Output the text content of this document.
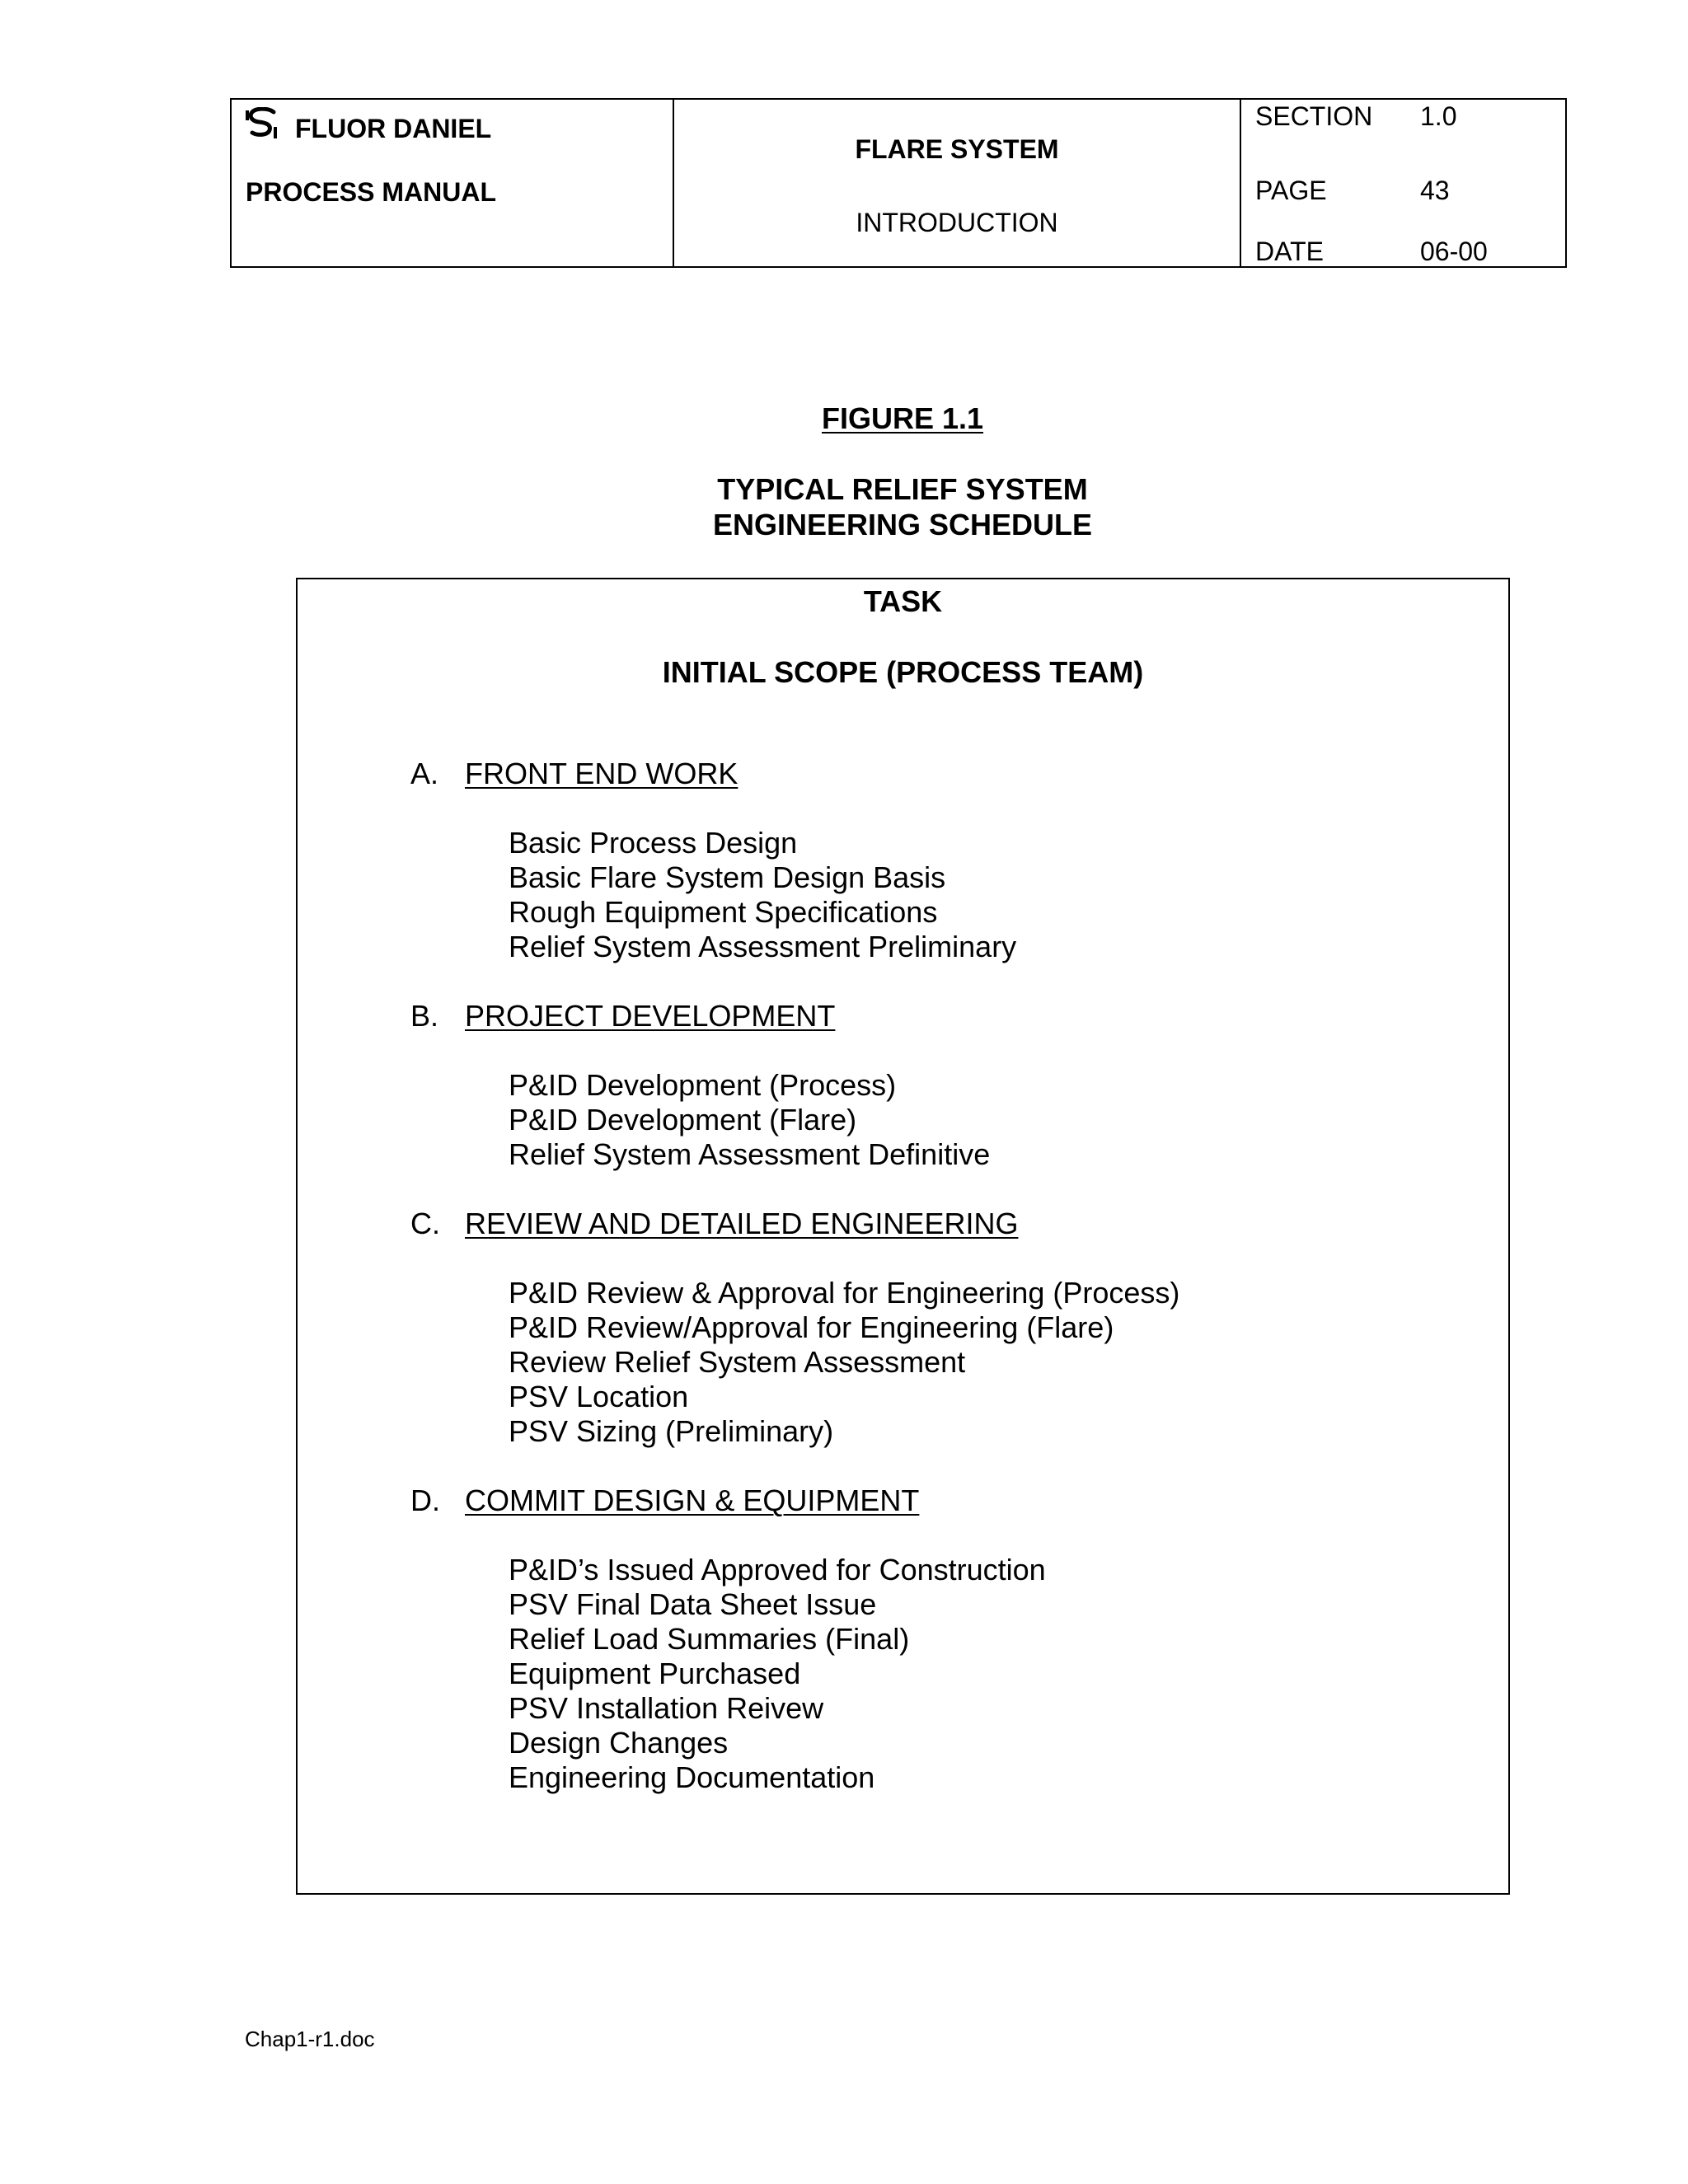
FLUOR DANIEL
PROCESS MANUAL
FLARE SYSTEM
INTRODUCTION
SECTION 1.0
PAGE	43
DATE	06-00
FIGURE 1.1
TYPICAL RELIEF SYSTEM
ENGINEERING SCHEDULE
TASK
INITIAL SCOPE (PROCESS TEAM)
A. FRONT END WORK
Basic Process Design
Basic Flare System Design Basis
Rough Equipment Specifications
Relief System Assessment Preliminary
B. PROJECT DEVELOPMENT
P&ID Development (Process)
P&ID Development (Flare)
Relief System Assessment Definitive
C. REVIEW AND DETAILED ENGINEERING
P&ID Review & Approval for Engineering (Process)
P&ID Review/Approval for Engineering (Flare)
Review Relief System Assessment
PSV Location
PSV Sizing (Preliminary)
D. COMMIT DESIGN & EQUIPMENT
P&ID’s Issued Approved for Construction
PSV Final Data Sheet Issue
Relief Load Summaries (Final)
Equipment Purchased
PSV Installation Reivew
Design Changes
Engineering Documentation
Chap1-r1.doc
